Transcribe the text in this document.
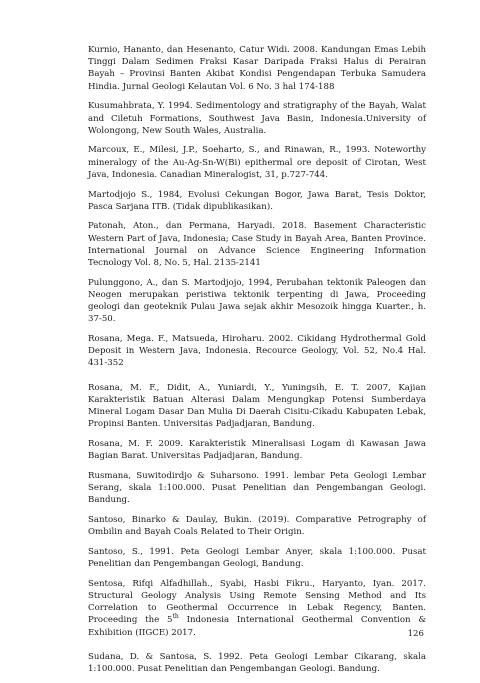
Kurnio, Hananto, dan Hesenanto, Catur Widi. 2008. Kandungan Emas Lebih Tinggi Dalam Sedimen Fraksi Kasar Daripada Fraksi Halus di Perairan Bayah – Provinsi Banten Akibat Kondisi Pengendapan Terbuka Samudera Hindia. Jurnal Geologi Kelautan Vol. 6 No. 3 hal 174-188

Kusumahbrata, Y. 1994. Sedimentology and stratigraphy of the Bayah, Walat and Ciletuh Formations, Southwest Java Basin, Indonesia.University of Wolongong, New South Wales, Australia.

Marcoux, E., Milesi, J.P., Soeharto, S., and Rinawan, R., 1993. Noteworthy mineralogy of the Au-Ag-Sn-W(Bi) epithermal ore deposit of Cirotan, West Java, Indonesia. Canadian Mineralogist, 31, p.727-744.

Martodjojo S., 1984, Evolusi Cekungan Bogor, Jawa Barat, Tesis Doktor, Pasca Sarjana ITB. (Tidak dipublikasikan).

Patonah, Aton., dan Permana, Haryadi. 2018. Basement Characteristic Western Part of Java, Indonesia; Case Study in Bayah Area, Banten Province. International Journal on Advance Science Engineering Information Tecnology Vol. 8, No. 5, Hal. 2135-2141

Pulunggono, A., dan S. Martodjojo, 1994, Perubahan tektonik Paleogen dan Neogen merupakan peristiwa tektonik terpenting di Jawa, Proceeding geologi dan geoteknik Pulau Jawa sejak akhir Mesozoik hingga Kuarter., h. 37-50.

Rosana, Mega. F., Matsueda, Hiroharu. 2002. Cikidang Hydrothermal Gold Deposit in Western Java, Indonesia. Recource Geology, Vol. 52, No.4 Hal. 431-352

Rosana, M. F., Didit, A., Yuniardi, Y., Yuningsih, E. T. 2007, Kajian Karakteristik Batuan Alterasi Dalam Mengungkap Potensi Sumberdaya Mineral Logam Dasar Dan Mulia Di Daerah Cisitu-Cikadu Kabupaten Lebak, Propinsi Banten. Universitas Padjadjaran, Bandung.

Rosana, M. F. 2009. Karakteristik Mineralisasi Logam di Kawasan Jawa Bagian Barat. Universitas Padjadjaran, Bandung.

Rusmana, Suwitodirdjo & Suharsono. 1991. lembar Peta Geologi Lembar Serang, skala 1:100.000. Pusat Penelitian dan Pengembangan Geologi. Bandung.

Santoso, Binarko & Daulay, Bukin. (2019). Comparative Petrography of Ombilin and Bayah Coals Related to Their Origin.

Santoso, S., 1991. Peta Geologi Lembar Anyer, skala 1:100.000. Pusat Penelitian dan Pengembangan Geologi, Bandung.

Sentosa, Rifqi Alfadhillah., Syabi, Hasbi Fikru., Haryanto, Iyan. 2017. Structural Geology Analysis Using Remote Sensing Method and Its Correlation to Geothermal Occurrence in Lebak Regency, Banten. Proceeding the 5th Indonesia International Geothermal Convention & Exhibition (IIGCE) 2017.

Sudana, D. & Santosa, S. 1992. Peta Geologi Lembar Cikarang, skala 1:100.000. Pusat Penelitian dan Pengembangan Geologi. Bandung.

126
